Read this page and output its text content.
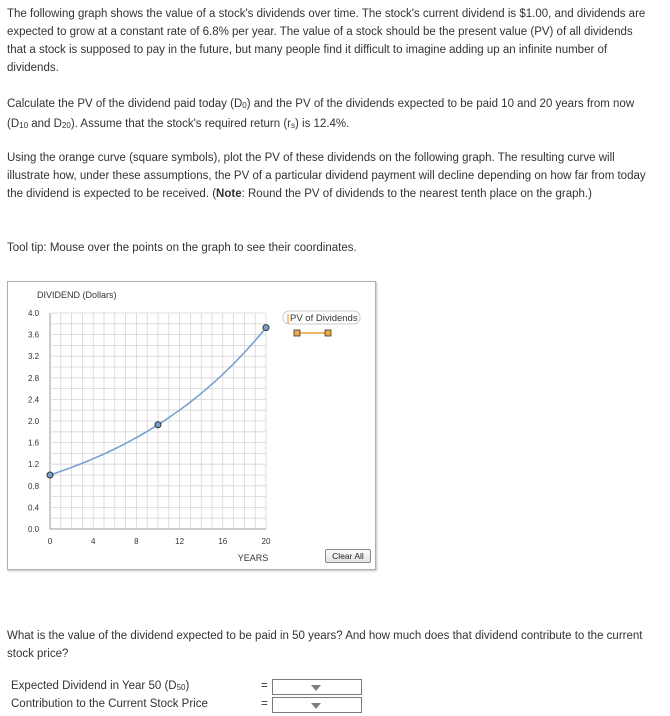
The following graph shows the value of a stock's dividends over time. The stock's current dividend is $1.00, and dividends are expected to grow at a constant rate of 6.8% per year. The value of a stock should be the present value (PV) of all dividends that a stock is supposed to pay in the future, but many people find it difficult to imagine adding up an infinite number of dividends.

Calculate the PV of the dividend paid today (D0) and the PV of the dividends expected to be paid 10 and 20 years from now (D10 and D20). Assume that the stock's required return (rs) is 12.4%.

Using the orange curve (square symbols), plot the PV of these dividends on the following graph. The resulting curve will illustrate how, under these assumptions, the PV of a particular dividend payment will decline depending on how far from today the dividend is expected to be received. (Note: Round the PV of dividends to the nearest tenth place on the graph.)

Tool tip: Mouse over the points on the graph to see their coordinates.

DIVIDEND (Dollars)
0.0
0.4
0.8
1.2
1.6
2.0
2.4
2.8
3.2
3.6
4.0
0	4	8	12	16	20
YEARS
PV of Dividends
Clear All

What is the value of the dividend expected to be paid in 50 years? And how much does that dividend contribute to the current stock price?

Expected Dividend in Year 50 (D50)	=
Contribution to the Current Stock Price	=
